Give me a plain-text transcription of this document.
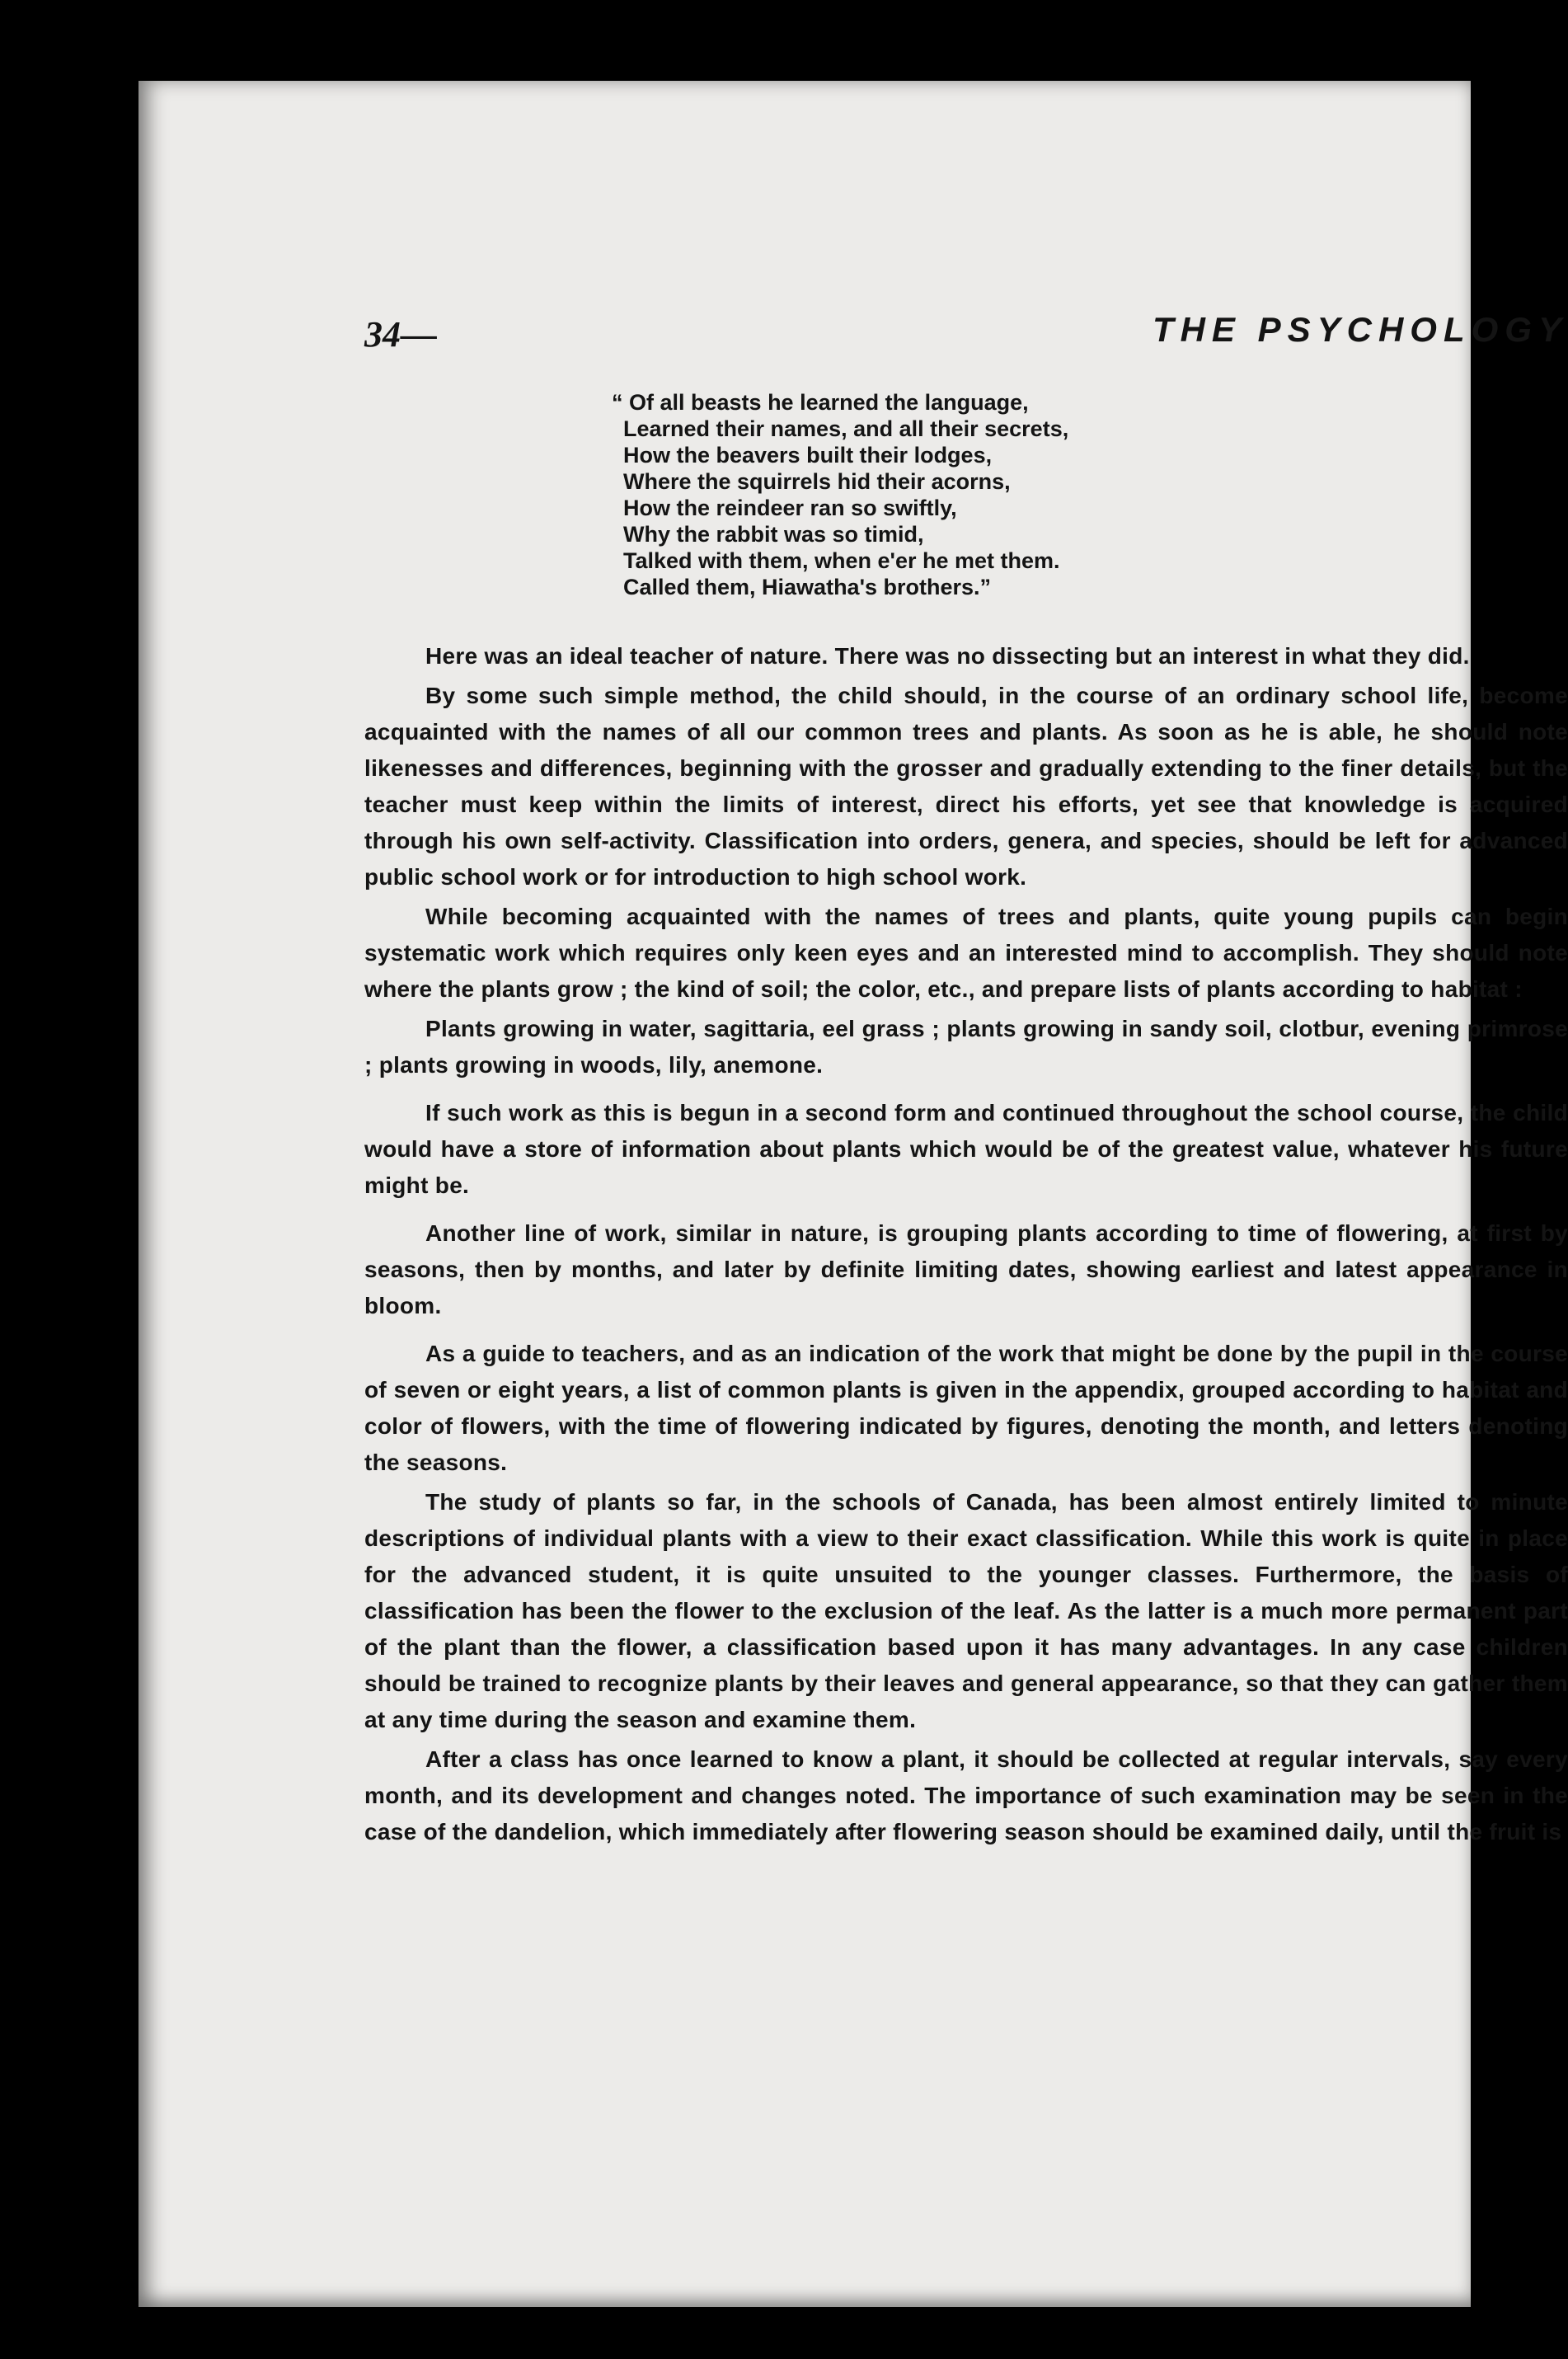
34—	THE PSYCHOLOGY
“ Of all beasts he learned the language,
Learned their names, and all their secrets,
How the beavers built their lodges,
Where the squirrels hid their acorns,
How the reindeer ran so swiftly,
Why the rabbit was so timid,
Talked with them, when e'er he met them.
Called them, Hiawatha's brothers.”

Here was an ideal teacher of nature. There was no dissecting but an interest in what they did.

By some such simple method, the child should, in the course of an ordinary school life, become acquainted with the names of all our common trees and plants. As soon as he is able, he should note likenesses and differences, beginning with the grosser and gradually extending to the finer details, but the teacher must keep within the limits of interest, direct his efforts, yet see that knowledge is acquired through his own self-activity. Classification into orders, genera, and species, should be left for advanced public school work or for introduction to high school work.

While becoming acquainted with the names of trees and plants, quite young pupils can begin systematic work which requires only keen eyes and an interested mind to accomplish. They should note where the plants grow ; the kind of soil; the color, etc., and prepare lists of plants according to habitat :

Plants growing in water, sagittaria, eel grass ; plants growing in sandy soil, clotbur, evening primrose ; plants growing in woods, lily, anemone.

If such work as this is begun in a second form and continued throughout the school course, the child would have a store of information about plants which would be of the greatest value, whatever his future might be.

Another line of work, similar in nature, is grouping plants according to time of flowering, at first by seasons, then by months, and later by definite limiting dates, showing earliest and latest appearance in bloom.

As a guide to teachers, and as an indication of the work that might be done by the pupil in the course of seven or eight years, a list of common plants is given in the appendix, grouped according to habitat and color of flowers, with the time of flowering indicated by figures, denoting the month, and letters denoting the seasons.

The study of plants so far, in the schools of Canada, has been almost entirely limited to minute descriptions of individual plants with a view to their exact classification. While this work is quite in place for the advanced student, it is quite unsuited to the younger classes. Furthermore, the basis of classification has been the flower to the exclusion of the leaf. As the latter is a much more permanent part of the plant than the flower, a classification based upon it has many advantages. In any case children should be trained to recognize plants by their leaves and general appearance, so that they can gather them at any time during the season and examine them.

After a class has once learned to know a plant, it should be collected at regular intervals, say every month, and its development and changes noted. The importance of such examination may be seen in the case of the dandelion, which immediately after flowering season should be examined daily, until the fruit is
